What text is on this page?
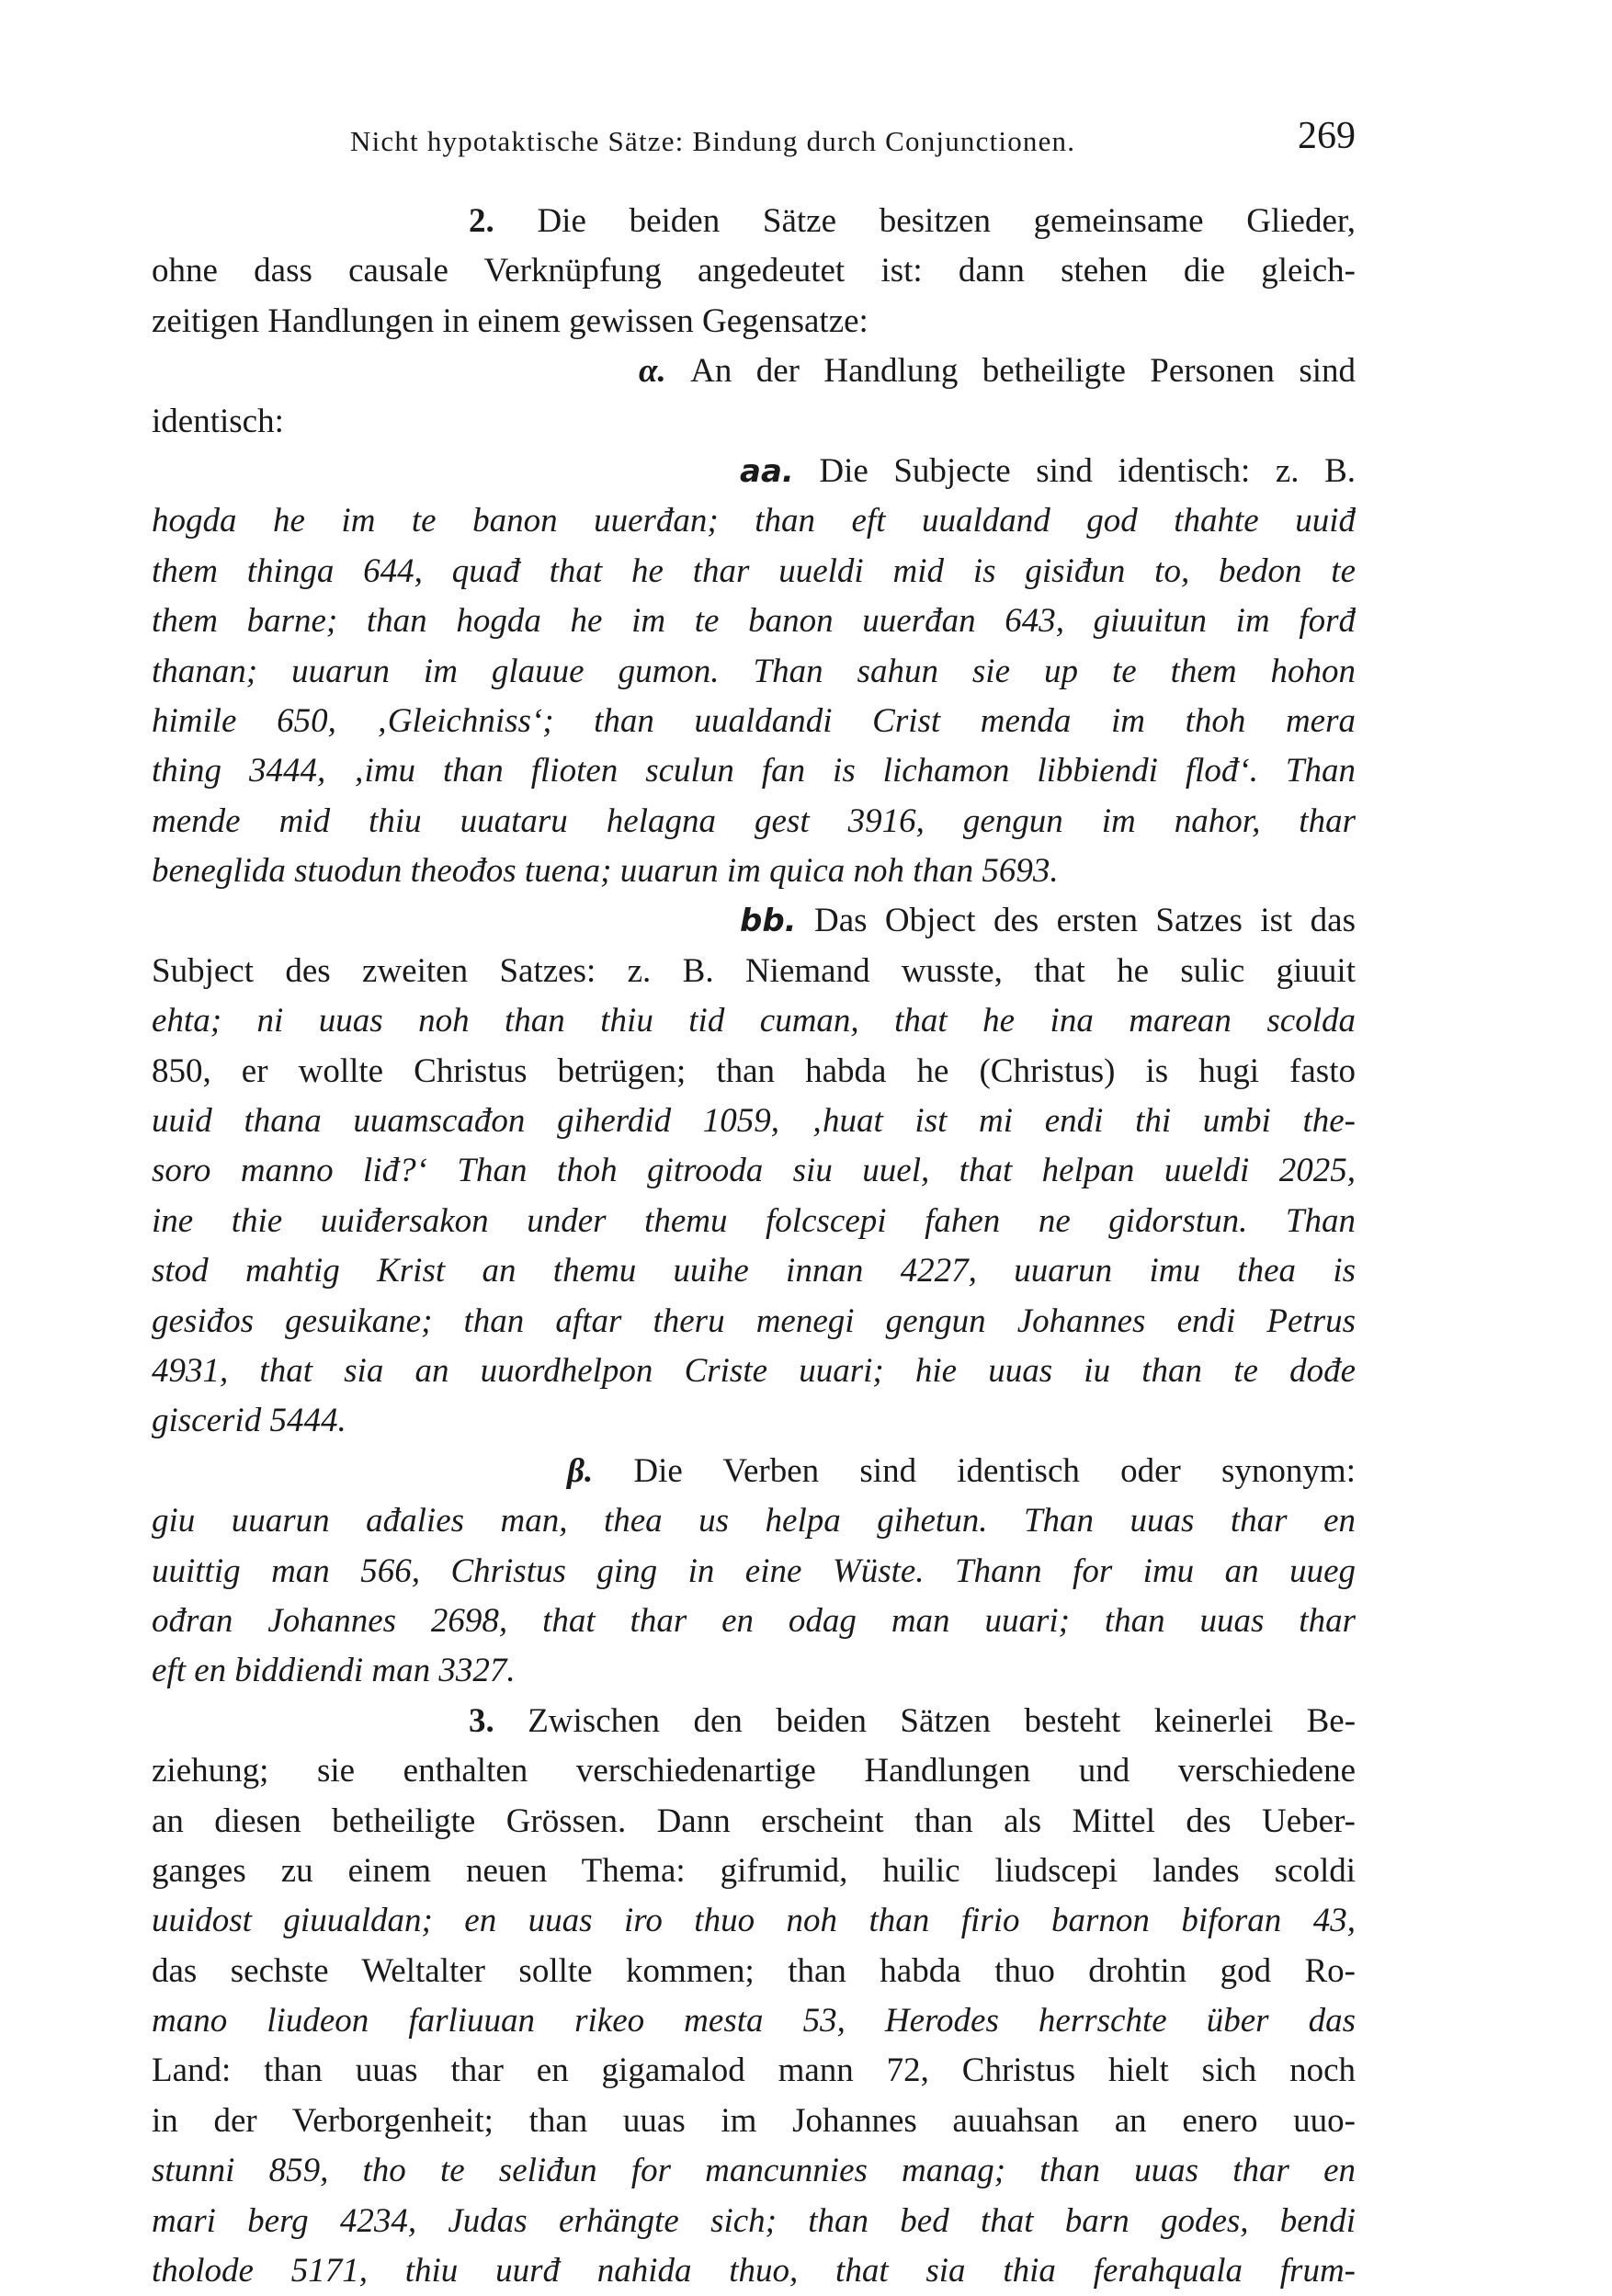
Nicht hypotaktische Sätze: Bindung durch Conjunctionen.	269
2. Die beiden Sätze besitzen gemeinsame Glieder,
ohne dass causale Verknüpfung angedeutet ist: dann stehen die gleich-
zeitigen Handlungen in einem gewissen Gegensatze:
α. An der Handlung betheiligte Personen sind
identisch:
aa. Die Subjecte sind identisch: z. B.
hogda he im te banon uuerđan; than eft uualdand god thahte uuiđ
them thinga 644, quađ that he thar uueldi mid is gisiđun to, bedon te
them barne; than hogda he im te banon uuerđan 643, giuuitun im forđ
thanan; uuarun im glauue gumon. Than sahun sie up te them hohon
himile 650, ‚Gleichniss‘; than uualdandi Crist menda im thoh mera
thing 3444, ‚imu than flioten sculun fan is lichamon libbiendi flođ‘. Than
mende mid thiu uuataru helagna gest 3916, gengun im nahor, thar
beneglida stuodun theođos tuena; uuarun im quica noh than 5693.
bb. Das Object des ersten Satzes ist das
Subject des zweiten Satzes: z. B. Niemand wusste, that he sulic giuuit
ehta; ni uuas noh than thiu tid cuman, that he ina marean scolda
850, er wollte Christus betrügen; than habda he (Christus) is hugi fasto
uuid thana uuamscađon giherdid 1059, ‚huat ist mi endi thi umbi the-
soro manno liđ?‘ Than thoh gitrooda siu uuel, that helpan uueldi 2025,
ine thie uuiđersakon under themu folcscepi fahen ne gidorstun. Than
stod mahtig Krist an themu uuihe innan 4227, uuarun imu thea is
gesiđos gesuikane; than aftar theru menegi gengun Johannes endi Petrus
4931, that sia an uuordhelpon Criste uuari; hie uuas iu than te dođe
giscerid 5444.
β. Die Verben sind identisch oder synonym:
giu uuarun ađalies man, thea us helpa gihetun. Than uuas thar en
uuittig man 566, Christus ging in eine Wüste. Thann for imu an uueg
ođran Johannes 2698, that thar en odag man uuari; than uuas thar
eft en biddiendi man 3327.
3. Zwischen den beiden Sätzen besteht keinerlei Be-
ziehung; sie enthalten verschiedenartige Handlungen und verschiedene
an diesen betheiligte Grössen. Dann erscheint than als Mittel des Ueber-
ganges zu einem neuen Thema: gifrumid, huilic liudscepi landes scoldi
uuidost giuualdan; en uuas iro thuo noh than firio barnon biforan 43,
das sechste Weltalter sollte kommen; than habda thuo drohtin god Ro-
mano liudeon farliuuan rikeo mesta 53, Herodes herrschte über das
Land: than uuas thar en gigamalod mann 72, Christus hielt sich noch
in der Verborgenheit; than uuas im Johannes auuahsan an enero uuo-
stunni 859, tho te seliđun for mancunnies manag; than uuas thar en
mari berg 4234, Judas erhängte sich; than bed that barn godes, bendi
tholode 5171, thiu uurđ nahida thuo, that sia thia ferahquala frum-
